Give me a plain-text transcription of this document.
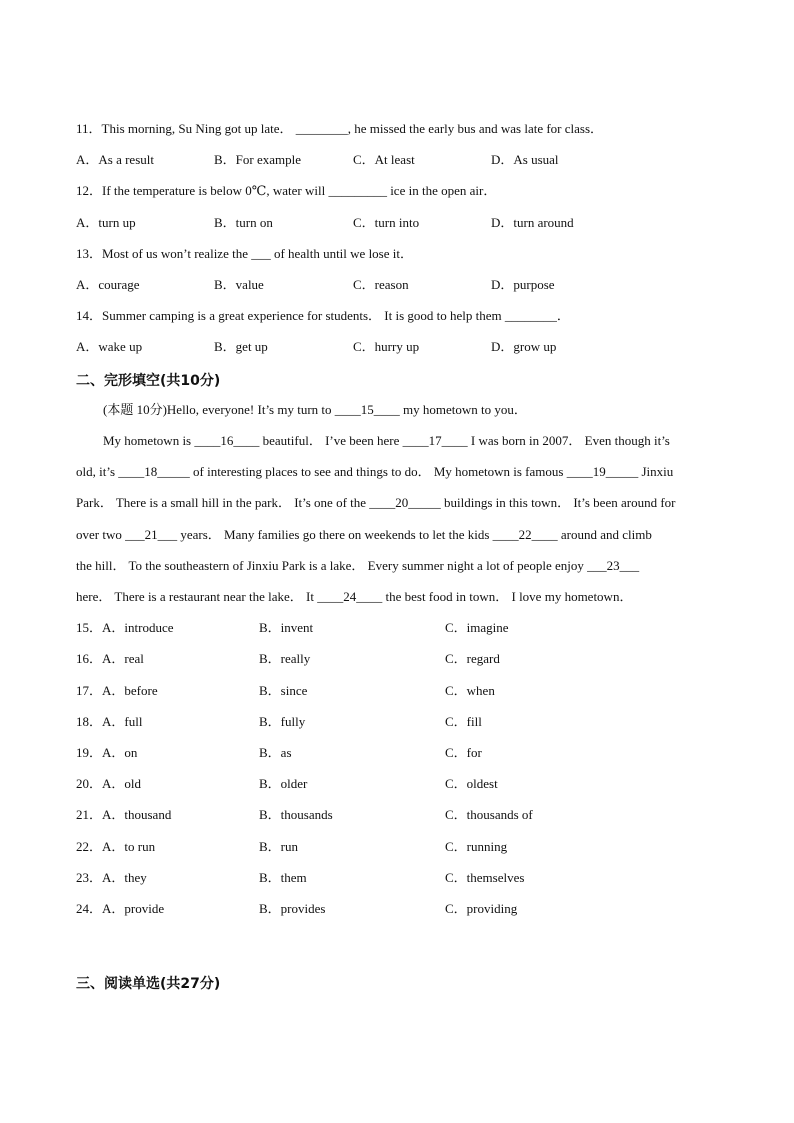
11．This morning, Su Ning got up late． ________, he missed the early bus and was late for class．
A．As a result	B．For example	C．At least	D．As usual
12．If the temperature is below 0℃, water will _________ ice in the open air．
A．turn up	B．turn on	C．turn into	D．turn around
13．Most of us won’t realize the ___ of health until we lose it．
A．courage	B．value	C．reason	D．purpose
14．Summer camping is a great experience for students． It is good to help them ________．
A．wake up	B．get up	C．hurry up	D．grow up
二、完形填空(共10分)
(本题 10分)Hello, everyone! It’s my turn to ____15____ my hometown to you．
My hometown is ____16____ beautiful． I’ve been here ____17____ I was born in 2007． Even though it’s
old, it’s ____18_____ of interesting places to see and things to do． My hometown is famous ____19_____ Jinxiu
Park． There is a small hill in the park． It’s one of the ____20_____ buildings in this town． It’s been around for
over two ___21___ years． Many families go there on weekends to let the kids ____22____ around and climb
the hill． To the southeastern of Jinxiu Park is a lake． Every summer night a lot of people enjoy ___23___
here． There is a restaurant near the lake． It ____24____ the best food in town． I love my hometown．
15．A．introduce	B．invent	C．imagine
16．A．real	B．really	C．regard
17．A．before	B．since	C．when
18．A．full	B．fully	C．fill
19．A．on	B．as	C．for
20．A．old	B．older	C．oldest
21．A．thousand	B．thousands	C．thousands of
22．A．to run	B．run	C．running
23．A．they	B．them	C．themselves
24．A．provide	B．provides	C．providing
三、阅读单选(共27分)
